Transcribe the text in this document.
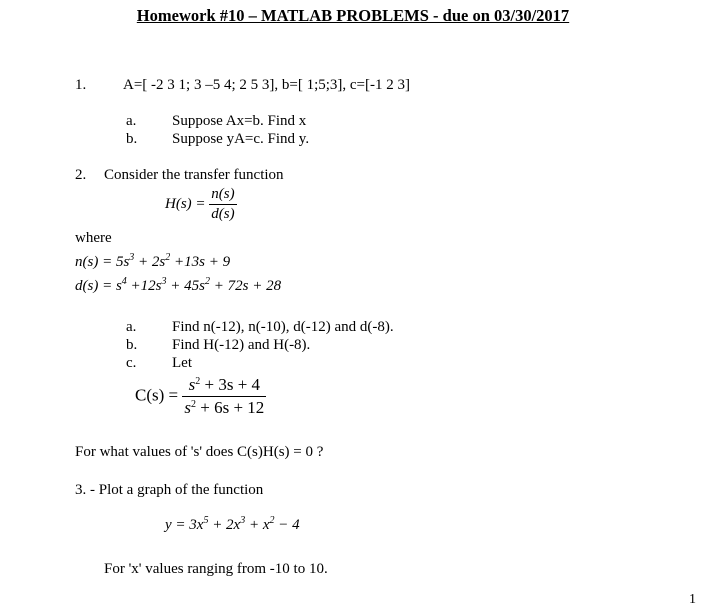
Homework #10 – MATLAB PROBLEMS - due on 03/30/2017
1.	A=[ -2 3 1; 3 –5 4; 2 5 3], b=[ 1;5;3], c=[-1 2 3]
a. Suppose Ax=b. Find x
b. Suppose yA=c. Find y.
2.	Consider the transfer function
$H(s) = \frac{n(s)}{d(s)}$
where
$n(s) = 5s^3 + 2s^2 +13s + 9$
$d(s) = s^4 +12s^3 + 45s^2 + 72s + 28$
a. Find n(-12), n(-10), d(-12) and d(-8).
b. Find H(-12) and H(-8).
c. Let
$C(s) = \frac{s^2 + 3s + 4}{s^2 + 6s + 12}$
For what values of 's' does C(s)H(s) = 0 ?
3. - Plot a graph of the function
$y = 3x^5 + 2x^3 + x^2 - 4$
For 'x' values ranging from -10 to 10.
1
